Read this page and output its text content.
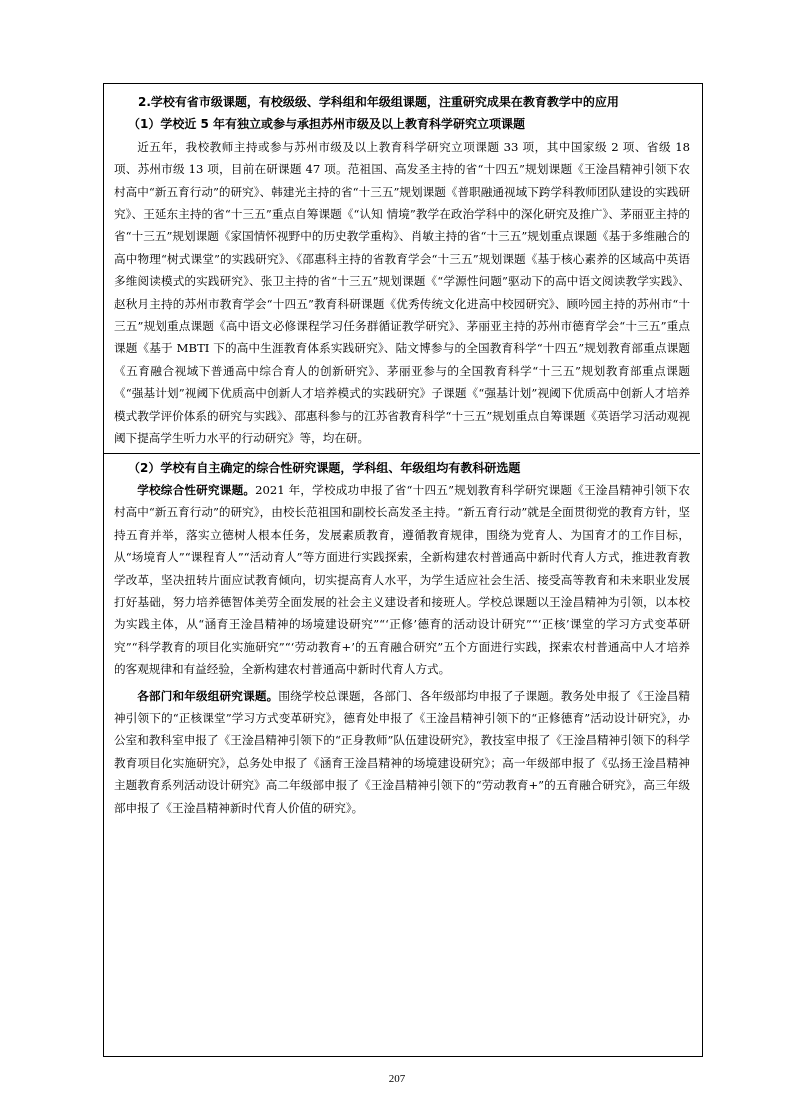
2.学校有省市级课题，有校级级、学科组和年级组课题，注重研究成果在教育教学中的应用
（1）学校近 5 年有独立或参与承担苏州市级及以上教育科学研究立项课题

近五年，我校教师主持或参与苏州市级及以上教育科学研究立项课题 33 项，其中国家级 2 项、省级 18 项、苏州市级 13 项，目前在研课题 47 项。范祖国、高发圣主持的省“十四五”规划课题《王淦昌精神引领下农村高中“新五育行动”的研究》、韩建光主持的省“十三五”规划课题《普职融通视域下跨学科教师团队建设的实践研究》、王延东主持的省“十三五”重点自筹课题《“认知 情境”教学在政治学科中的深化研究及推广》、茅丽亚主持的省“十三五”规划课题《家国情怀视野中的历史教学重构》、肖敏主持的省“十三五”规划重点课题《基于多维融合的高中物理“树式课堂”的实践研究》、《邵惠科主持的省教育学会“十三五”规划课题《基于核心素养的区域高中英语多维阅读模式的实践研究》、张卫主持的省“十三五”规划课题《“学源性问题”驱动下的高中语文阅读教学实践》、赵秋月主持的苏州市教育学会“十四五”教育科研课题《优秀传统文化进高中校园研究》、顾吟园主持的苏州市“十三五”规划重点课题《高中语文必修课程学习任务群循证教学研究》、茅丽亚主持的苏州市德育学会“十三五”重点课题《基于 MBTI 下的高中生涯教育体系实践研究》、陆文博参与的全国教育科学“十四五”规划教育部重点课题《五育融合视域下普通高中综合育人的创新研究》、茅丽亚参与的全国教育科学“十三五”规划教育部重点课题《“强基计划”视阈下优质高中创新人才培养模式的实践研究》子课题《“强基计划”视阈下优质高中创新人才培养模式教学评价体系的研究与实践》、邵惠科参与的江苏省教育科学“十三五”规划重点自筹课题《英语学习活动观视阈下提高学生听力水平的行动研究》等，均在研。

（2）学校有自主确定的综合性研究课题，学科组、年级组均有教科研选题

学校综合性研究课题。2021 年，学校成功申报了省“十四五”规划教育科学研究课题《王淦昌精神引领下农村高中“新五育行动”的研究》，由校长范祖国和副校长高发圣主持。“新五育行动”就是全面贯彻党的教育方针，坚持五育并举，落实立德树人根本任务，发展素质教育，遵循教育规律，围绕为党育人、为国育才的工作目标，从“场境育人”“课程育人”“活动育人”等方面进行实践探索，全新构建农村普通高中新时代育人方式，推进教育教学改革，坚决扭转片面应试教育倾向，切实提高育人水平，为学生适应社会生活、接受高等教育和未来职业发展打好基础，努力培养德智体美劳全面发展的社会主义建设者和接班人。学校总课题以王淦昌精神为引领，以本校为实践主体，从“涵育王淦昌精神的场境建设研究”“‘正修’德育的活动设计研究”“‘正核’课堂的学习方式变革研究”“科学教育的项目化实施研究”“‘劳动教育+’的五育融合研究”五个方面进行实践，探索农村普通高中人才培养的客观规律和有益经验，全新构建农村普通高中新时代育人方式。

各部门和年级组研究课题。围绕学校总课题，各部门、各年级部均申报了子课题。教务处申报了《王淦昌精神引领下的“正核课堂”学习方式变革研究》，德育处申报了《王淦昌精神引领下的“正修德育”活动设计研究》，办公室和教科室申报了《王淦昌精神引领下的“正身教师”队伍建设研究》，教技室申报了《王淦昌精神引领下的科学教育项目化实施研究》，总务处申报了《涵育王淦昌精神的场境建设研究》；高一年级部申报了《弘扬王淦昌精神主题教育系列活动设计研究》高二年级部申报了《王淦昌精神引领下的“劳动教育+”的五育融合研究》，高三年级部申报了《王淦昌精神新时代育人价值的研究》。

207
